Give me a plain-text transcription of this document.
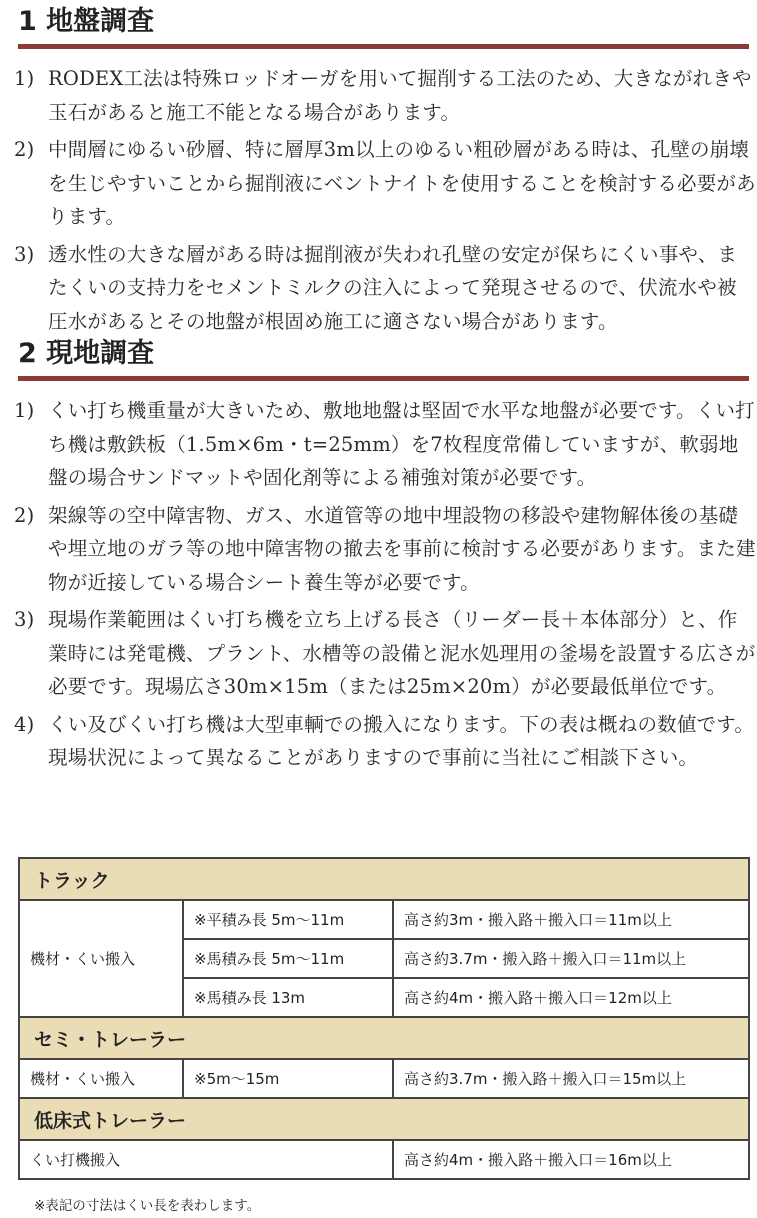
1 地盤調査
1) RODEX工法は特殊ロッドオーガを用いて掘削する工法のため、大きながれきや玉石があると施工不能となる場合があります。
2) 中間層にゆるい砂層、特に層厚3m以上のゆるい粗砂層がある時は、孔壁の崩壊を生じやすいことから掘削液にベントナイトを使用することを検討する必要があります。
3) 透水性の大きな層がある時は掘削液が失われ孔壁の安定が保ちにくい事や、またくいの支持力をセメントミルクの注入によって発現させるので、伏流水や被圧水があるとその地盤が根固め施工に適さない場合があります。
2 現地調査
1) くい打ち機重量が大きいため、敷地地盤は堅固で水平な地盤が必要です。くい打ち機は敷鉄板（1.5m×6m・t=25mm）を7枚程度常備していますが、軟弱地盤の場合サンドマットや固化剤等による補強対策が必要です。
2) 架線等の空中障害物、ガス、水道管等の地中埋設物の移設や建物解体後の基礎や埋立地のガラ等の地中障害物の撤去を事前に検討する必要があります。また建物が近接している場合シート養生等が必要です。
3) 現場作業範囲はくい打ち機を立ち上げる長さ（リーダー長＋本体部分）と、作業時には発電機、プラント、水槽等の設備と泥水処理用の釜場を設置する広さが必要です。現場広さ30m×15m（または25m×20m）が必要最低単位です。
4) くい及びくい打ち機は大型車輌での搬入になります。下の表は概ねの数値です。現場状況によって異なることがありますので事前に当社にご相談下さい。
トラック		
機材・くい搬入	※平積み長 5m〜11m	高さ約3m・搬入路＋搬入口＝11m以上
	※馬積み長 5m〜11m	高さ約3.7m・搬入路＋搬入口＝11m以上
	※馬積み長 13m	高さ約4m・搬入路＋搬入口＝12m以上
セミ・トレーラー		
機材・くい搬入	※5m〜15m	高さ約3.7m・搬入路＋搬入口＝15m以上
低床式トレーラー		
くい打機搬入		高さ約4m・搬入路＋搬入口＝16m以上
※表記の寸法はくい長を表わします。
